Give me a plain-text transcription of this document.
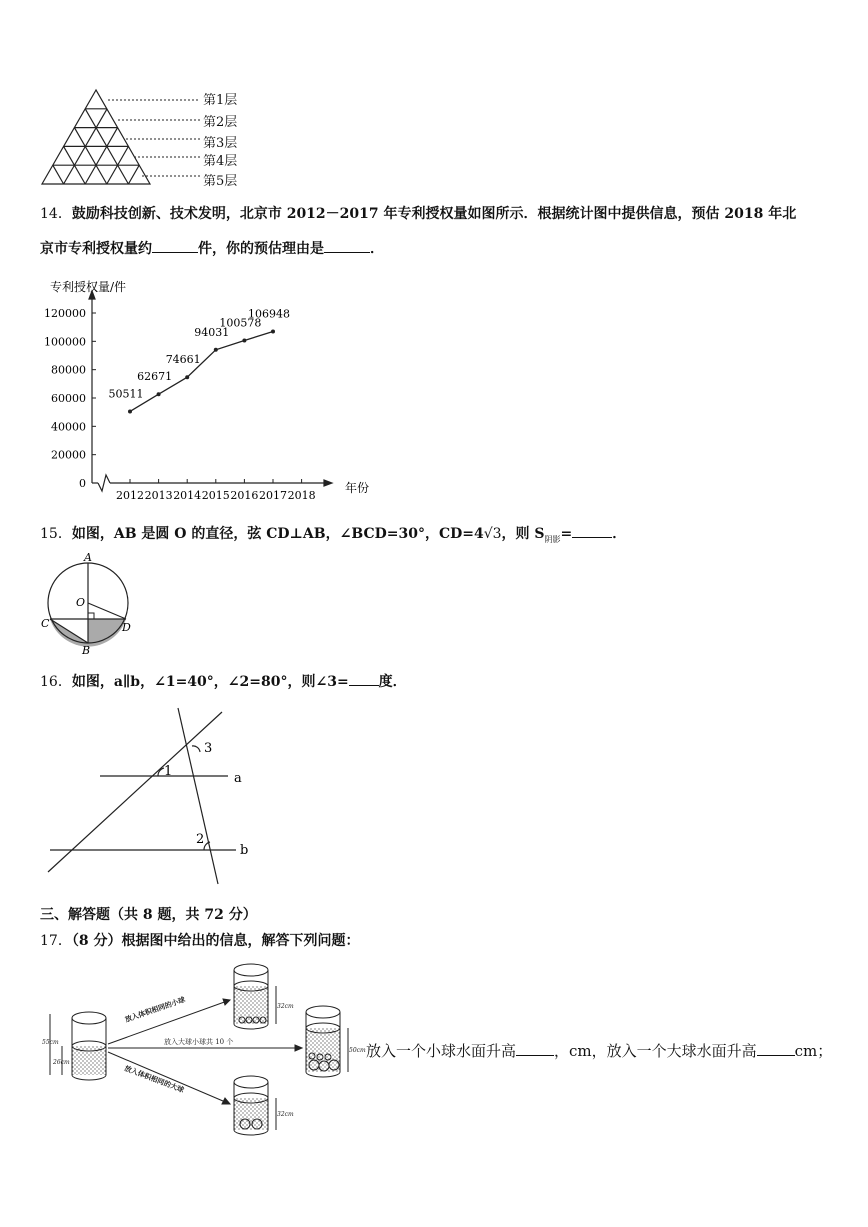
第1层
第2层
第3层
第4层
第5层
14．鼓励科技创新、技术发明，北京市 2012－2017 年专利授权量如图所示．根据统计图中提供信息，预估 2018 年北
京市专利授权量约	件，你的预估理由是	．
0
20000
40000
60000
80000
100000
120000
2012 2013 2014 2015 2016 2017 2018
50511
62671
74661
94031
100578
106948
专利授权量/件
年份
15．如图，AB 是圆 O 的直径，弦 CD⊥AB，∠BCD=30°，CD=4√3，则 $S_{阴影}=$	．
A
O
C	D
B
16．如图，a∥b，∠1=40°，∠2=80°，则∠3= 度．
3
1
2
a
b
三、解答题（共 8 题，共 72 分）
17．（8 分）根据图中给出的信息，解答下列问题：
放入体积相同的小球
放入大球小球共 10 个
放入体积相同的大球
55cm
26cm
32cm
50cm
32cm
放入一个小球水面升高	，cm，放入一个大球水面升高	cm；
